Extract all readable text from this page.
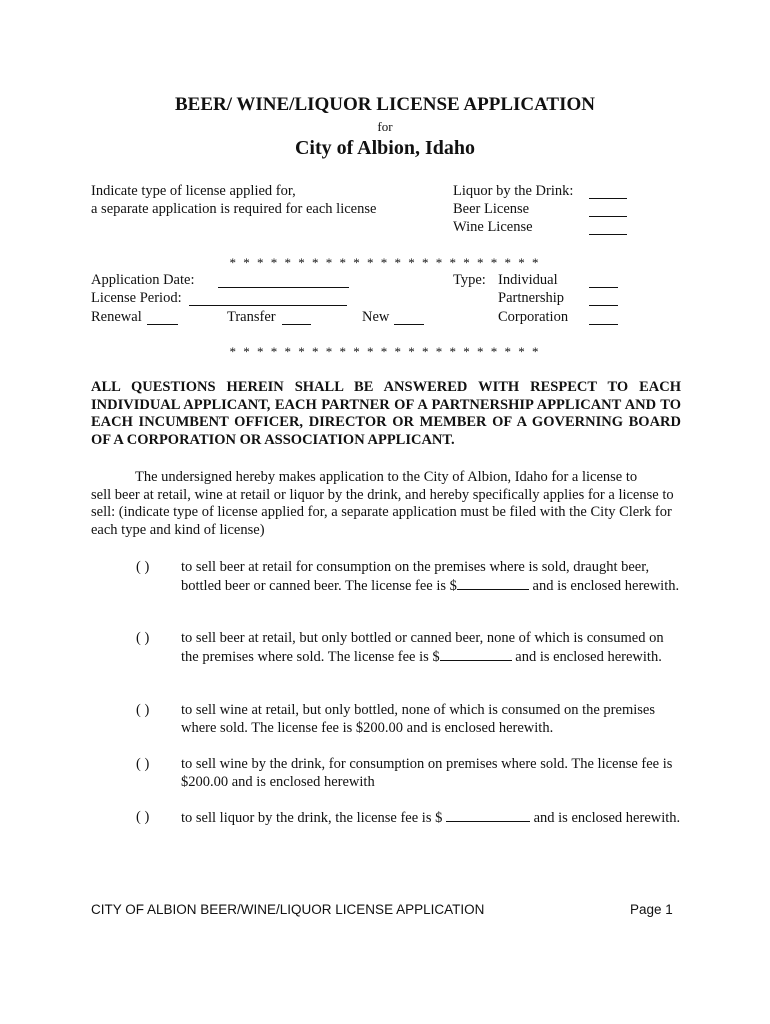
BEER/ WINE/LIQUOR LICENSE APPLICATION
for
City of Albion, Idaho
Indicate type of license applied for,
a separate application is required for each license
Liquor by the Drink:
Beer License
Wine License
* * * * * * * * * * * * * * * * * * * * * * *
Application Date:
License Period:
Renewal	Transfer	New
Type: Individual
Partnership
Corporation
* * * * * * * * * * * * * * * * * * * * * * *
ALL QUESTIONS HEREIN SHALL BE ANSWERED WITH RESPECT TO EACH INDIVIDUAL APPLICANT, EACH PARTNER OF A PARTNERSHIP APPLICANT AND TO EACH INCUMBENT OFFICER, DIRECTOR OR MEMBER OF A GOVERNING BOARD OF A CORPORATION OR ASSOCIATION APPLICANT.
The undersigned hereby makes application to the City of Albion, Idaho for a license to
sell beer at retail, wine at retail or liquor by the drink, and hereby specifically applies for a license to sell: (indicate type of license applied for, a separate application must be filed with the City Clerk for each type and kind of license)
( ) to sell beer at retail for consumption on the premises where is sold, draught beer, bottled beer or canned beer. The license fee is $	and is enclosed herewith.
( ) to sell beer at retail, but only bottled or canned beer, none of which is consumed on the premises where sold. The license fee is $	and is enclosed herewith.
( ) to sell wine at retail, but only bottled, none of which is consumed on the premises where sold. The license fee is $200.00 and is enclosed herewith.
( ) to sell wine by the drink, for consumption on premises where sold. The license fee is $200.00 and is enclosed herewith
( ) to sell liquor by the drink, the license fee is $	and is enclosed herewith.
CITY OF ALBION BEER/WINE/LIQUOR LICENSE APPLICATION	Page 1
